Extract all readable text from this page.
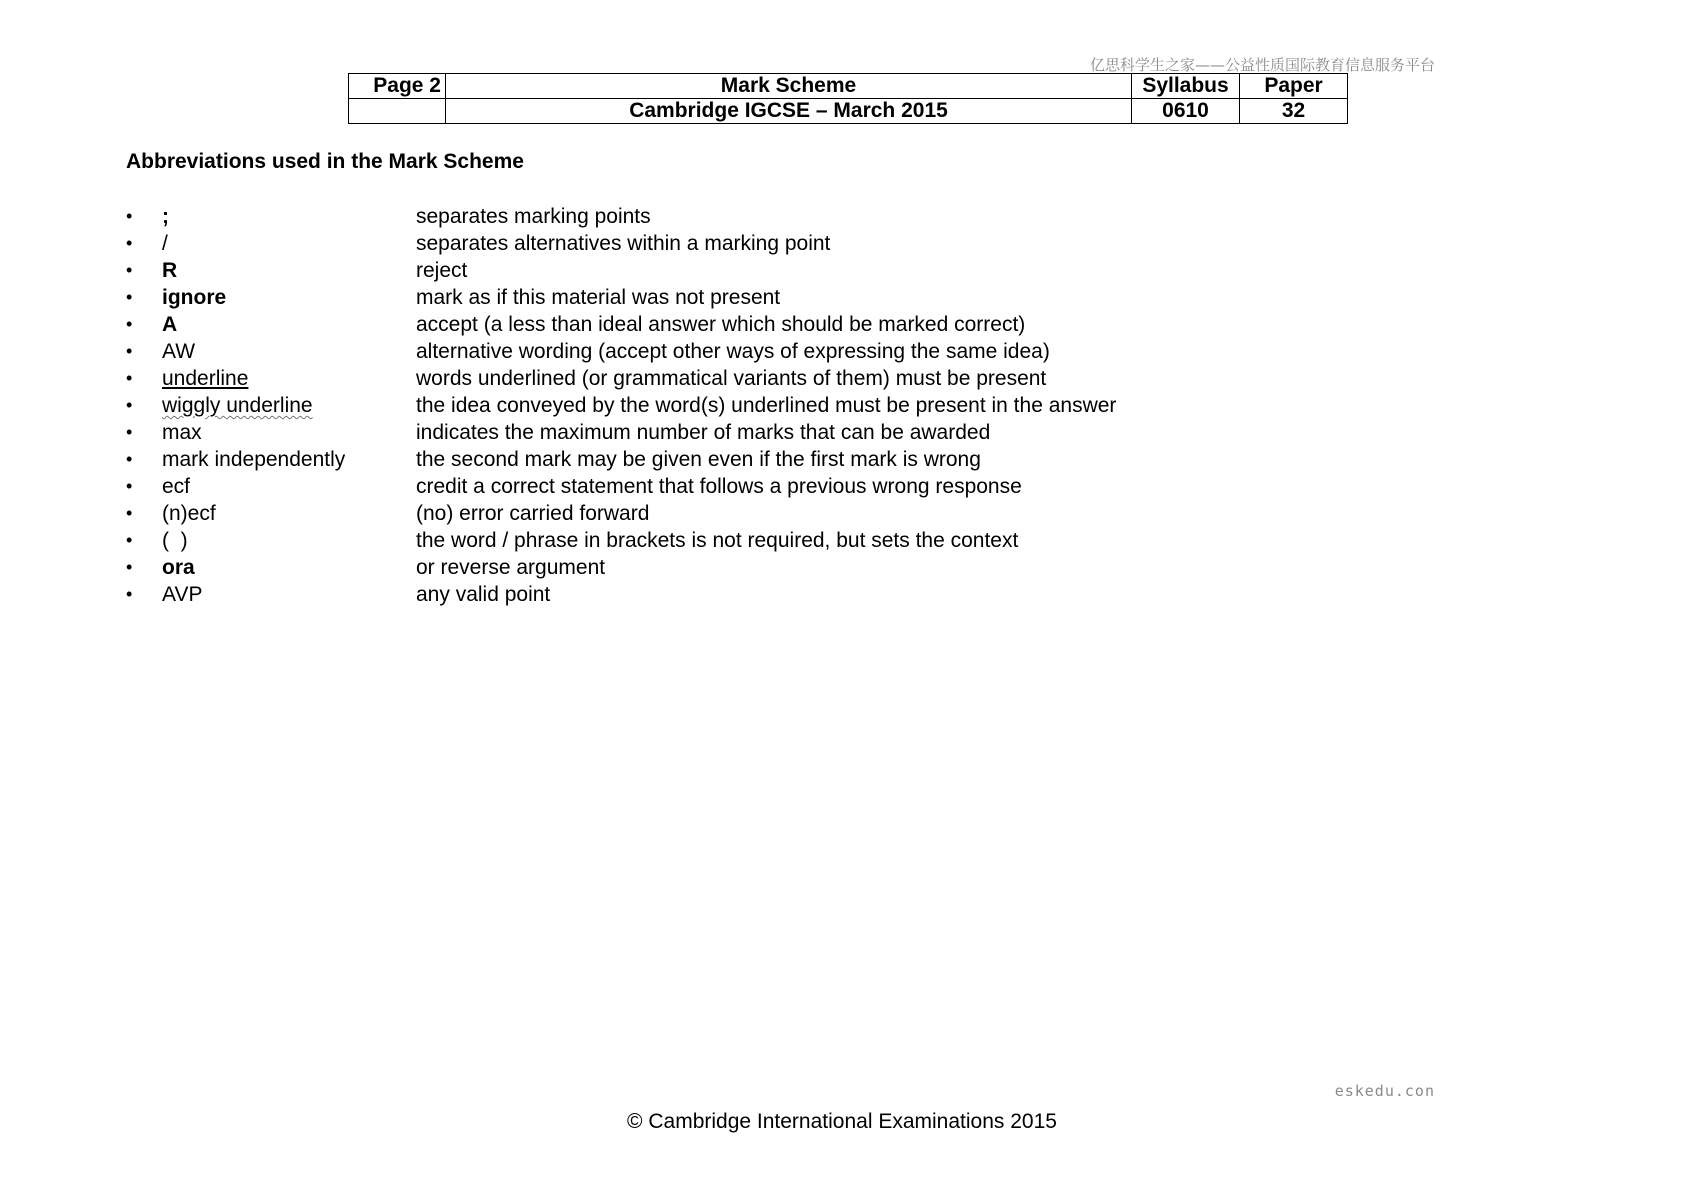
亿思科学生之家——公益性质国际教育信息服务平台
Page 2	Mark Scheme	Syllabus	Paper
	Cambridge IGCSE – March 2015	0610	32
Abbreviations used in the Mark Scheme
• ;	separates marking points
• /	separates alternatives within a marking point
• R	reject
• ignore	mark as if this material was not present
• A	accept (a less than ideal answer which should be marked correct)
• AW	alternative wording (accept other ways of expressing the same idea)
• underline	words underlined (or grammatical variants of them) must be present
• wiggly underline	the idea conveyed by the word(s) underlined must be present in the answer
• max	indicates the maximum number of marks that can be awarded
• mark independently	the second mark may be given even if the first mark is wrong
• ecf	credit a correct statement that follows a previous wrong response
• (n)ecf	(no) error carried forward
• (  )	the word / phrase in brackets is not required, but sets the context
• ora	or reverse argument
• AVP	any valid point
eskedu.con
© Cambridge International Examinations 2015
